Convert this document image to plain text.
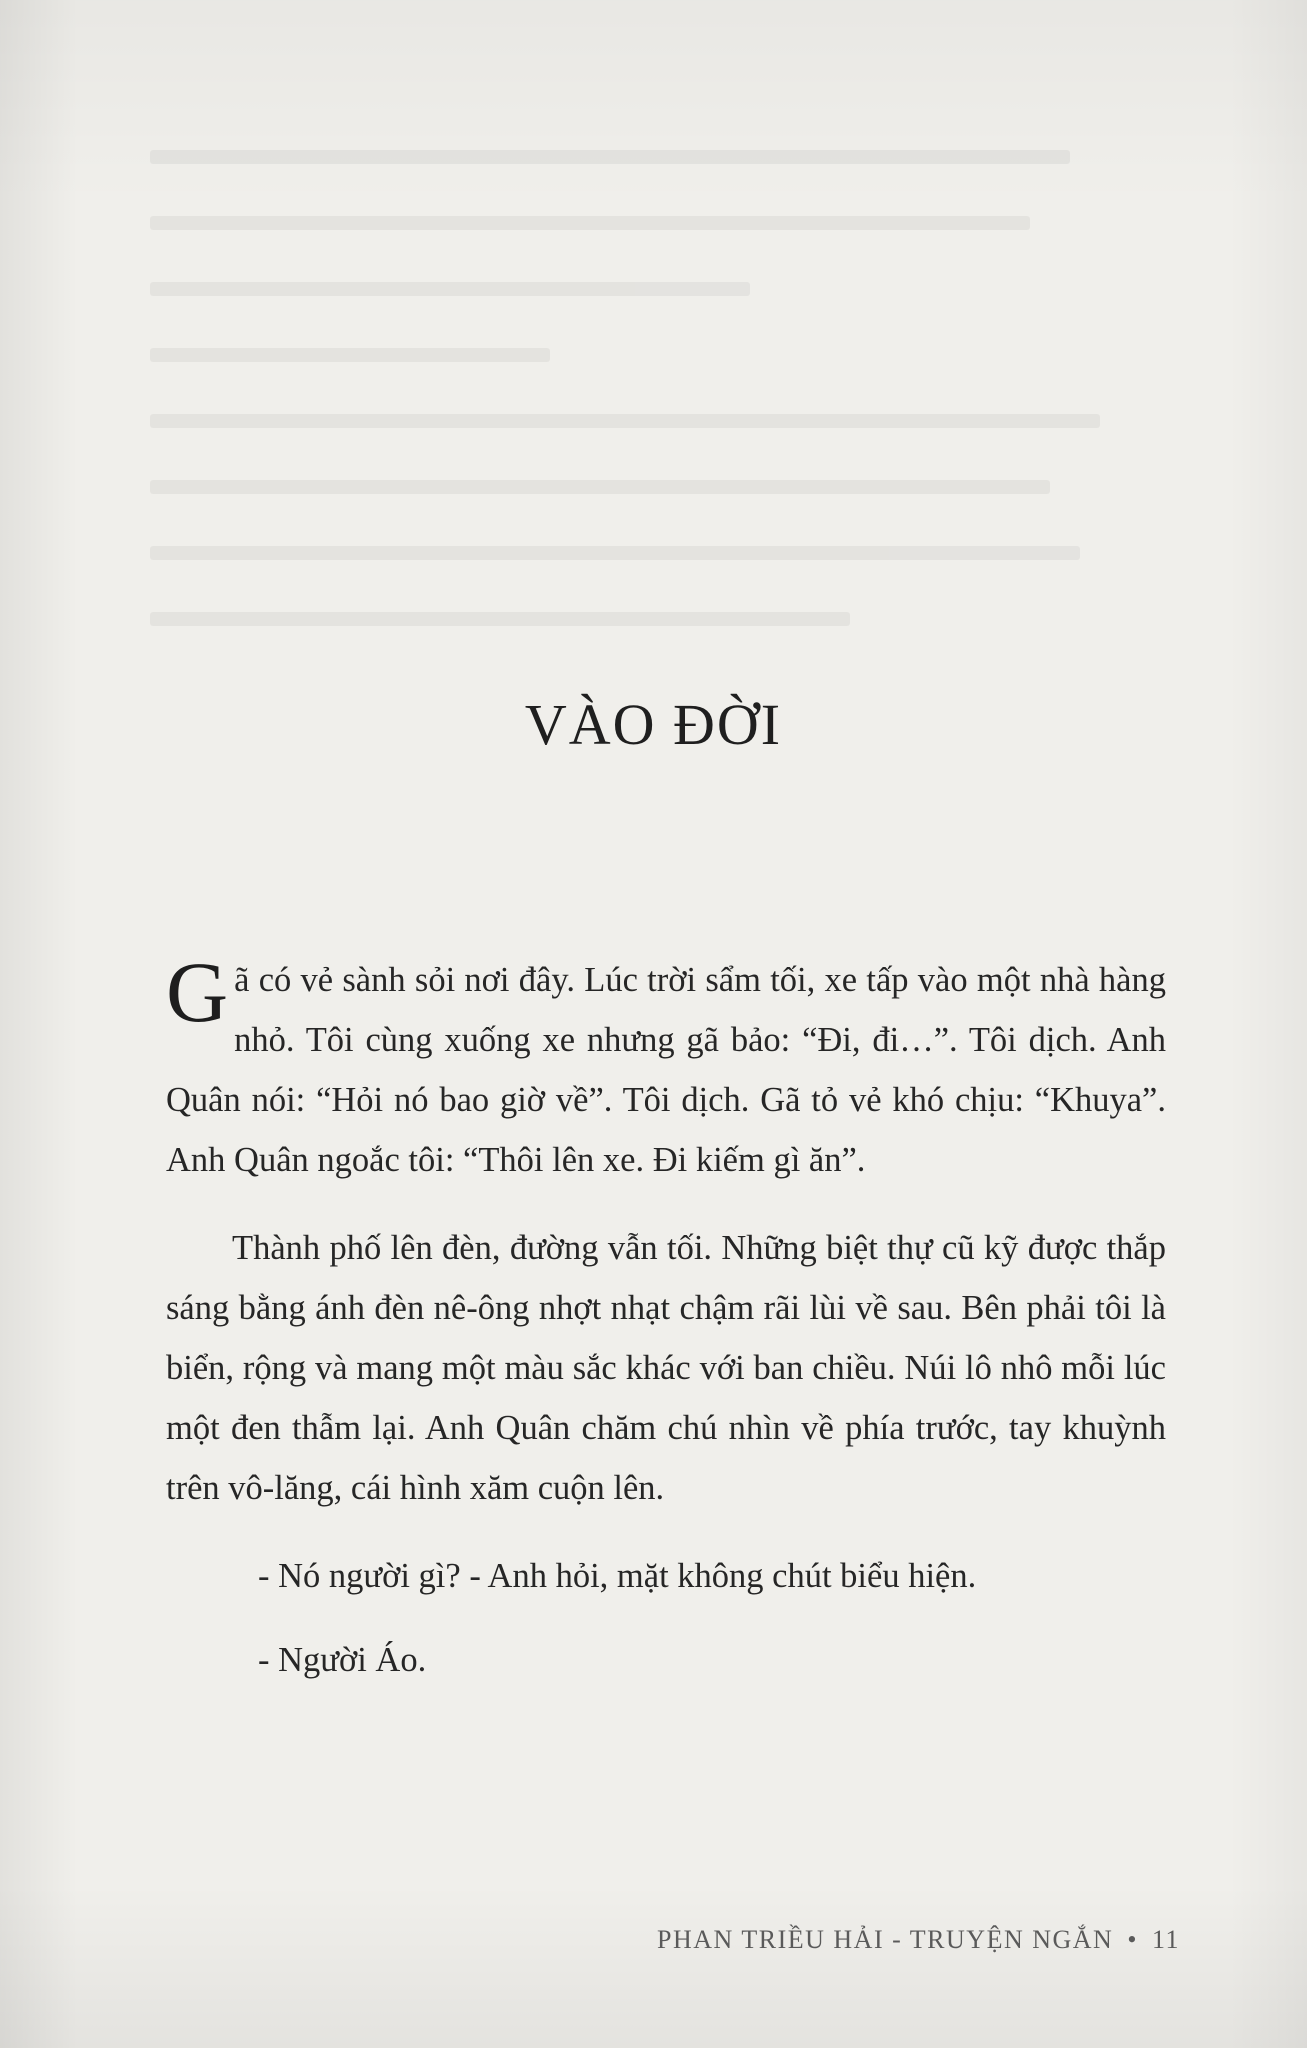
VÀO ĐỜI

Gã có vẻ sành sỏi nơi đây. Lúc trời sẩm tối, xe tấp vào một nhà hàng nhỏ. Tôi cùng xuống xe nhưng gã bảo: “Đi, đi…”. Tôi dịch. Anh Quân nói: “Hỏi nó bao giờ về”. Tôi dịch. Gã tỏ vẻ khó chịu: “Khuya”. Anh Quân ngoắc tôi: “Thôi lên xe. Đi kiếm gì ăn”.

Thành phố lên đèn, đường vẫn tối. Những biệt thự cũ kỹ được thắp sáng bằng ánh đèn nê-ông nhợt nhạt chậm rãi lùi về sau. Bên phải tôi là biển, rộng và mang một màu sắc khác với ban chiều. Núi lô nhô mỗi lúc một đen thẫm lại. Anh Quân chăm chú nhìn về phía trước, tay khuỳnh trên vô-lăng, cái hình xăm cuộn lên.

- Nó người gì? - Anh hỏi, mặt không chút biểu hiện.

- Người Áo.

PHAN TRIỀU HẢI - TRUYỆN NGẮN • 11
